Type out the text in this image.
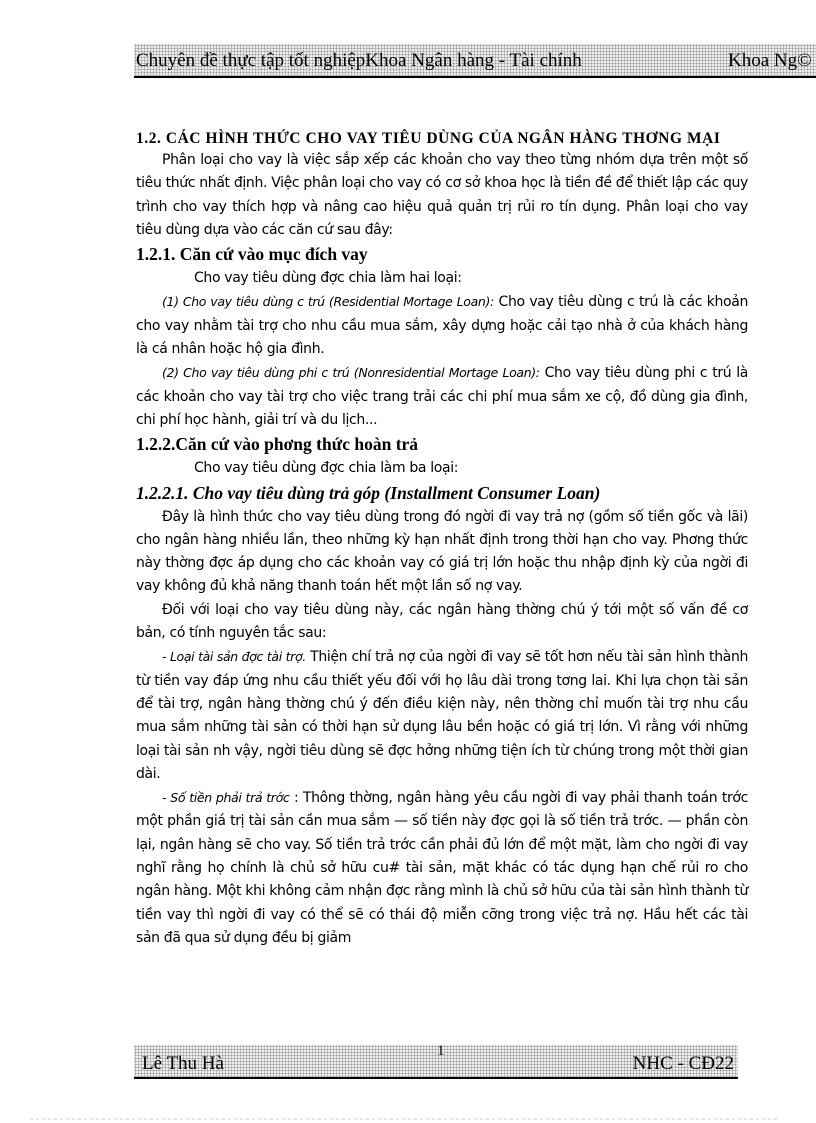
Chuyên đề thực tập tốt nghiệpKhoa Ngân hàng - Tài chính	Khoa Ng©
1.2. CÁC HÌNH THỨC CHO VAY TIÊU DÙNG CỦA NGÂN HÀNG THƠNG MẠI

Phân loại cho vay là việc sắp xếp các khoản cho vay theo từng nhóm dựa trên một số tiêu thức nhất định. Việc phân loại cho vay có cơ sở khoa học là tiền đề để thiết lập các quy trình cho vay thích hợp và nâng cao hiệu quả quản trị rủi ro tín dụng. Phân loại cho vay tiêu dùng dựa vào các căn cứ sau đây:

1.2.1. Căn cứ vào mục đích vay

Cho vay tiêu dùng đợc chia làm hai loại:

(1) Cho vay tiêu dùng c trú (Residential Mortage Loan): Cho vay tiêu dùng c trú là các khoản cho vay nhằm tài trợ cho nhu cầu mua sắm, xây dựng hoặc cải tạo nhà ở của khách hàng là cá nhân hoặc hộ gia đình.

(2) Cho vay tiêu dùng phi c trú (Nonresidential Mortage Loan): Cho vay tiêu dùng phi c trú là các khoản cho vay tài trợ cho việc trang trải các chi phí mua sắm xe cộ, đồ dùng gia đình, chi phí học hành, giải trí và du lịch...

1.2.2.Căn cứ vào phơng thức hoàn trả

Cho vay tiêu dùng đợc chia làm ba loại:

1.2.2.1. Cho vay tiêu dùng trả góp (Installment Consumer Loan)

Đây là hình thức cho vay tiêu dùng trong đó ngời đi vay trả nợ (gồm số tiền gốc và lãi) cho ngân hàng nhiều lần, theo những kỳ hạn nhất định trong thời hạn cho vay. Phơng thức này thờng đợc áp dụng cho các khoản vay có giá trị lớn hoặc thu nhập định kỳ của ngời đi vay không đủ khả năng thanh toán hết một lần số nợ vay.

Đối với loại cho vay tiêu dùng này, các ngân hàng thờng chú ý tới một số vấn đề cơ bản, có tính nguyên tắc sau:

- Loại tài sản đợc tài trợ. Thiện chí trả nợ của ngời đi vay sẽ tốt hơn nếu tài sản hình thành từ tiền vay đáp ứng nhu cầu thiết yếu đối với họ lâu dài trong tơng lai. Khi lựa chọn tài sản để tài trợ, ngân hàng thờng chú ý đến điều kiện này, nên thờng chỉ muốn tài trợ nhu cầu mua sắm những tài sản có thời hạn sử dụng lâu bền hoặc có giá trị lớn. Vì rằng với những loại tài sản nh vậy, ngời tiêu dùng sẽ đợc hởng những tiện ích từ chúng trong một thời gian dài.

- Số tiền phải trả trớc : Thông thờng, ngân hàng yêu cầu ngời đi vay phải thanh toán trớc một phần giá trị tài sản cần mua sắm — số tiền này đợc gọi là số tiền trả trớc. — phần còn lại, ngân hàng sẽ cho vay. Số tiền trả trớc cần phải đủ lớn để một mặt, làm cho ngời đi vay nghĩ rằng họ chính là chủ sở hữu cu# tài sản, mặt khác có tác dụng hạn chế rủi ro cho ngân hàng. Một khi không cảm nhận đợc rằng mình là chủ sở hữu của tài sản hình thành từ tiền vay thì ngời đi vay có thể sẽ có thái độ miễn cỡng trong việc trả nợ. Hầu hết các tài sản đã qua sử dụng đều bị giảm

Lê Thu Hà
1
NHC - CĐ22
